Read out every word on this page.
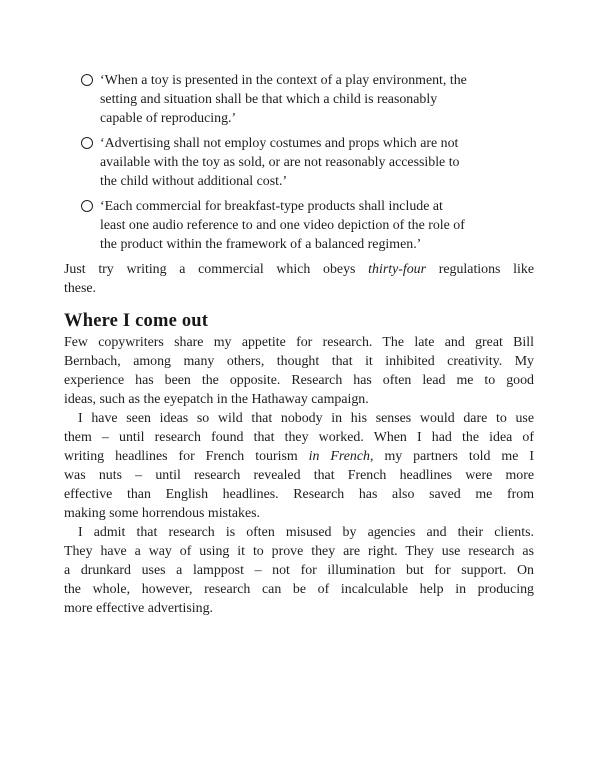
‘When a toy is presented in the context of a play environment, the
setting and situation shall be that which a child is reasonably
capable of reproducing.’
‘Advertising shall not employ costumes and props which are not
available with the toy as sold, or are not reasonably accessible to
the child without additional cost.’
‘Each commercial for breakfast-type products shall include at
least one audio reference to and one video depiction of the role of
the product within the framework of a balanced regimen.’
Just try writing a commercial which obeys thirty-four regulations like
these.
Where I come out
Few copywriters share my appetite for research. The late and great Bill
Bernbach, among many others, thought that it inhibited creativity. My
experience has been the opposite. Research has often lead me to good
ideas, such as the eyepatch in the Hathaway campaign.
I have seen ideas so wild that nobody in his senses would dare to use
them – until research found that they worked. When I had the idea of
writing headlines for French tourism in French, my partners told me I
was nuts – until research revealed that French headlines were more
effective than English headlines. Research has also saved me from
making some horrendous mistakes.
I admit that research is often misused by agencies and their clients.
They have a way of using it to prove they are right. They use research as
a drunkard uses a lamppost – not for illumination but for support. On
the whole, however, research can be of incalculable help in producing
more effective advertising.
